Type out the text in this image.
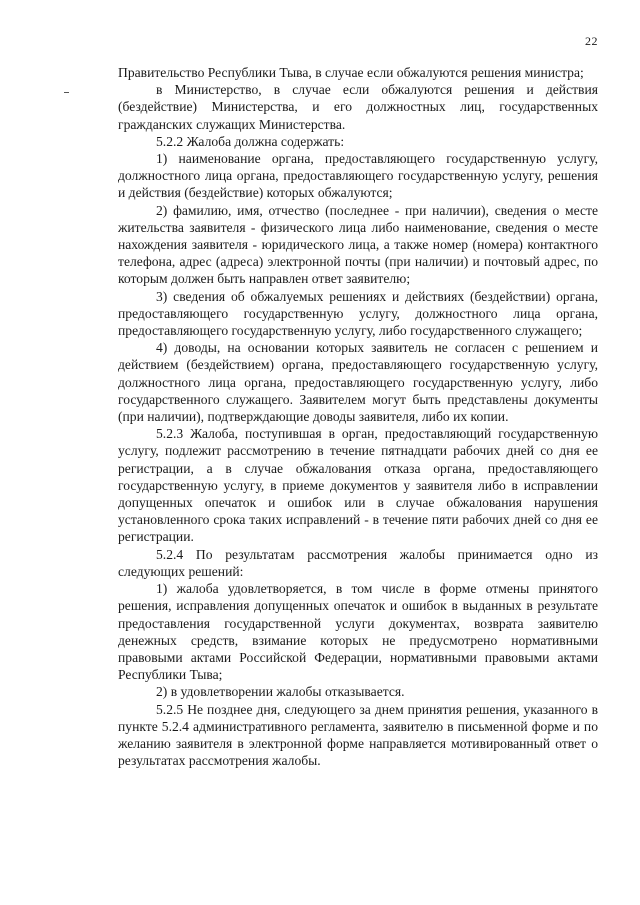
22

Правительство Республики Тыва, в случае если обжалуются решения министра;

в Министерство, в случае если обжалуются решения и действия (бездействие) Министерства, и его должностных лиц, государственных гражданских служащих Министерства.

5.2.2 Жалоба должна содержать:

1) наименование органа, предоставляющего государственную услугу, должностного лица органа, предоставляющего государственную услугу, решения и действия (бездействие) которых обжалуются;

2) фамилию, имя, отчество (последнее - при наличии), сведения о месте жительства заявителя - физического лица либо наименование, сведения о месте нахождения заявителя - юридического лица, а также номер (номера) контактного телефона, адрес (адреса) электронной почты (при наличии) и почтовый адрес, по которым должен быть направлен ответ заявителю;

3) сведения об обжалуемых решениях и действиях (бездействии) органа, предоставляющего государственную услугу, должностного лица органа, предоставляющего государственную услугу, либо государственного служащего;

4) доводы, на основании которых заявитель не согласен с решением и действием (бездействием) органа, предоставляющего государственную услугу, должностного лица органа, предоставляющего государственную услугу, либо государственного служащего. Заявителем могут быть представлены документы (при наличии), подтверждающие доводы заявителя, либо их копии.

5.2.3 Жалоба, поступившая в орган, предоставляющий государственную услугу, подлежит рассмотрению в течение пятнадцати рабочих дней со дня ее регистрации, а в случае обжалования отказа органа, предоставляющего государственную услугу, в приеме документов у заявителя либо в исправлении допущенных опечаток и ошибок или в случае обжалования нарушения установленного срока таких исправлений - в течение пяти рабочих дней со дня ее регистрации.

5.2.4 По результатам рассмотрения жалобы принимается одно из следующих решений:

1) жалоба удовлетворяется, в том числе в форме отмены принятого решения, исправления допущенных опечаток и ошибок в выданных в результате предоставления государственной услуги документах, возврата заявителю денежных средств, взимание которых не предусмотрено нормативными правовыми актами Российской Федерации, нормативными правовыми актами Республики Тыва;

2) в удовлетворении жалобы отказывается.

5.2.5 Не позднее дня, следующего за днем принятия решения, указанного в пункте 5.2.4 административного регламента, заявителю в письменной форме и по желанию заявителя в электронной форме направляется мотивированный ответ о результатах рассмотрения жалобы.
